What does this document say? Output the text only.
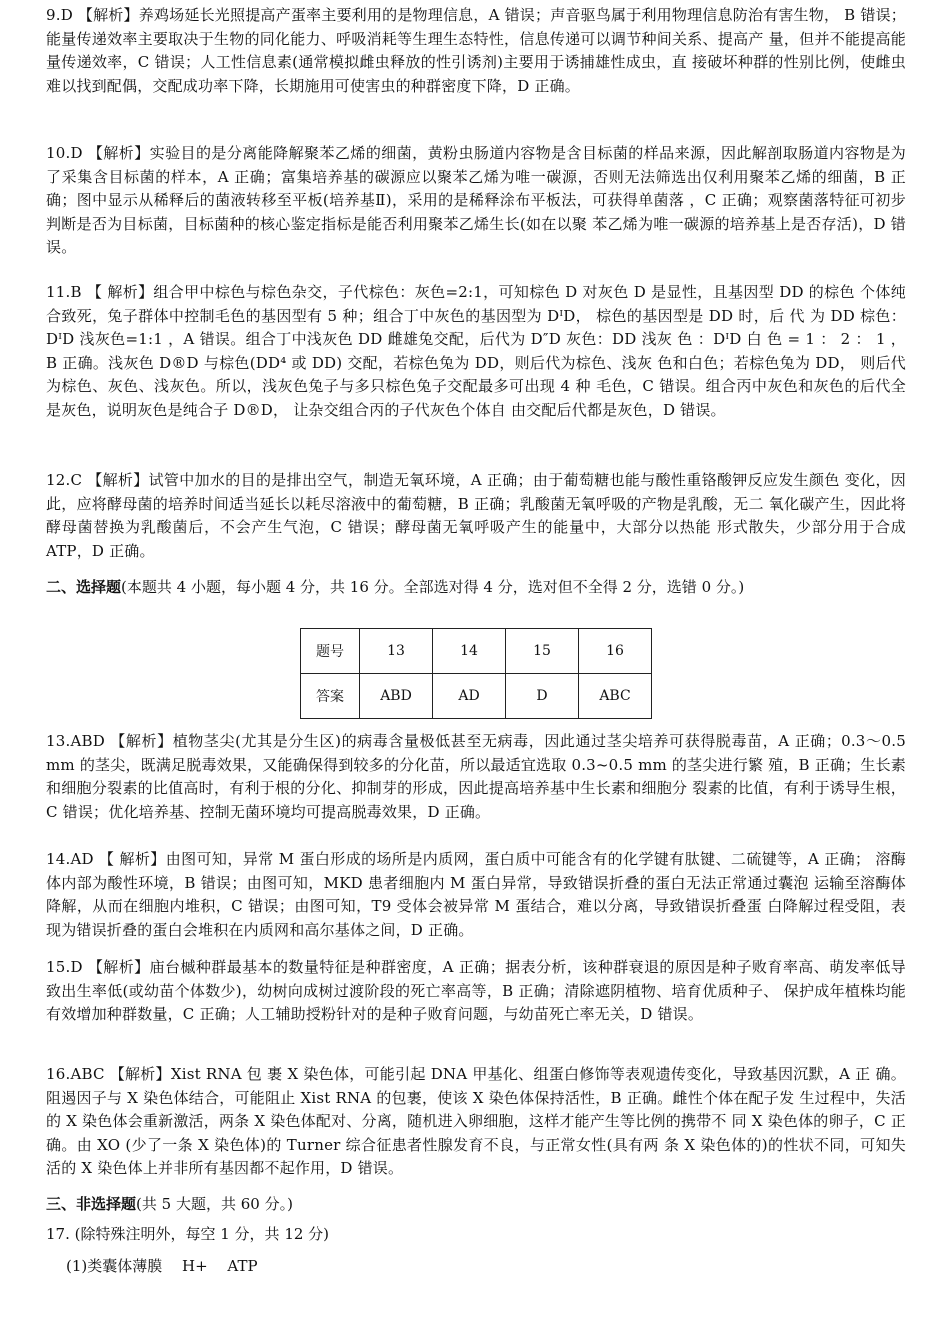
9.D 【解析】养鸡场延长光照提高产蛋率主要利用的是物理信息，A 错误；声音驱鸟属于利用物理信息防治有害生物， B 错误；能量传递效率主要取决于生物的同化能力、呼吸消耗等生理生态特性，信息传递可以调节种间关系、提高产 量，但并不能提高能量传递效率，C 错误；人工性信息素(通常模拟雌虫释放的性引诱剂)主要用于诱捕雄性成虫，直 接破坏种群的性别比例，使雌虫难以找到配偶，交配成功率下降，长期施用可使害虫的种群密度下降，D 正确。

10.D 【解析】实验目的是分离能降解聚苯乙烯的细菌，黄粉虫肠道内容物是含目标菌的样品来源，因此解剖取肠道内容物是为了采集含目标菌的样本，A 正确；富集培养基的碳源应以聚苯乙烯为唯一碳源，否则无法筛选出仅利用聚苯乙烯的细菌，B 正确；图中显示从稀释后的菌液转移至平板(培养基Ⅱ)，采用的是稀释涂布平板法，可获得单菌落 ，C 正确；观察菌落特征可初步判断是否为目标菌，目标菌种的核心鉴定指标是能否利用聚苯乙烯生长(如在以聚 苯乙烯为唯一碳源的培养基上是否存活)，D 错误。

11.B 【 解析】组合甲中棕色与棕色杂交，子代棕色：灰色=2:1，可知棕色 D 对灰色 D 是显性，且基因型 DD 的棕色 个体纯合致死，兔子群体中控制毛色的基因型有 5 种；组合丁中灰色的基因型为 DᴵD， 棕色的基因型是 DD 时，后 代 为 DD 棕色：DᴵD 浅灰色=1:1 ，A 错误。组合丁中浅灰色 DD 雌雄兔交配，后代为 D″D 灰色：DD 浅灰 色 ：DᴵD 白 色 = 1 ： 2 ： 1 ，B 正确。浅灰色 D®D 与棕色(DD⁴ 或 DD) 交配，若棕色兔为 DD，则后代为棕色、浅灰 色和白色；若棕色兔为 DD， 则后代为棕色、灰色、浅灰色。所以，浅灰色兔子与多只棕色兔子交配最多可出现 4 种 毛色，C 错误。组合丙中灰色和灰色的后代全是灰色，说明灰色是纯合子 D®D， 让杂交组合丙的子代灰色个体自 由交配后代都是灰色，D 错误。

12.C 【解析】试管中加水的目的是排出空气，制造无氧环境，A 正确；由于葡萄糖也能与酸性重铬酸钾反应发生颜色 变化，因此，应将酵母菌的培养时间适当延长以耗尽溶液中的葡萄糖，B 正确；乳酸菌无氧呼吸的产物是乳酸，无二 氧化碳产生，因此将酵母菌替换为乳酸菌后，不会产生气泡，C 错误；酵母菌无氧呼吸产生的能量中，大部分以热能 形式散失，少部分用于合成 ATP，D 正确。

二、选择题(本题共 4 小题，每小题 4 分，共 16 分。全部选对得 4 分，选对但不全得 2 分，选错 0 分。)
题号	13	14	15	16
答案	ABD	AD	D	ABC

13.ABD 【解析】植物茎尖(尤其是分生区)的病毒含量极低甚至无病毒，因此通过茎尖培养可获得脱毒苗，A 正确；0.3～0.5 mm 的茎尖，既满足脱毒效果，又能确保得到较多的分化苗，所以最适宜选取 0.3~0.5 mm 的茎尖进行繁 殖，B 正确；生长素和细胞分裂素的比值高时，有利于根的分化、抑制芽的形成，因此提高培养基中生长素和细胞分 裂素的比值，有利于诱导生根，C 错误；优化培养基、控制无菌环境均可提高脱毒效果，D 正确。

14.AD 【 解析】由图可知，异常 M 蛋白形成的场所是内质网，蛋白质中可能含有的化学键有肽键、二硫键等，A 正确； 溶酶体内部为酸性环境，B 错误；由图可知，MKD 患者细胞内 M 蛋白异常，导致错误折叠的蛋白无法正常通过囊泡 运输至溶酶体降解，从而在细胞内堆积，C 错误；由图可知，T9 受体会被异常 M 蛋结合，难以分离，导致错误折叠蛋 白降解过程受阻，表现为错误折叠的蛋白会堆积在内质网和高尔基体之间，D 正确。

15.D 【解析】庙台槭种群最基本的数量特征是种群密度，A 正确；据表分析，该种群衰退的原因是种子败育率高、萌发率低导致出生率低(或幼苗个体数少)，幼树向成树过渡阶段的死亡率高等，B 正确；清除遮阴植物、培育优质种子、 保护成年植株均能有效增加种群数量，C 正确；人工辅助授粉针对的是种子败育问题，与幼苗死亡率无关，D 错误。

16.ABC 【解析】Xist RNA 包 裹 X 染色体，可能引起 DNA 甲基化、组蛋白修饰等表观遗传变化，导致基因沉默，A 正 确。阻遏因子与 X 染色体结合，可能阻止 Xist RNA 的包裹，使该 X 染色体保持活性，B 正确。雌性个体在配子发 生过程中，失活的 X 染色体会重新激活，两条 X 染色体配对、分离，随机进入卵细胞，这样才能产生等比例的携带不 同 X 染色体的卵子，C 正确。由 XO (少了一条 X 染色体)的 Turner 综合征患者性腺发育不良，与正常女性(具有两 条 X 染色体的)的性状不同，可知失活的 X 染色体上并非所有基因都不起作用，D 错误。

三、非选择题(共 5 大题，共 60 分。)
17. (除特殊注明外，每空 1 分，共 12 分)
(1)类囊体薄膜　 H+　 ATP
